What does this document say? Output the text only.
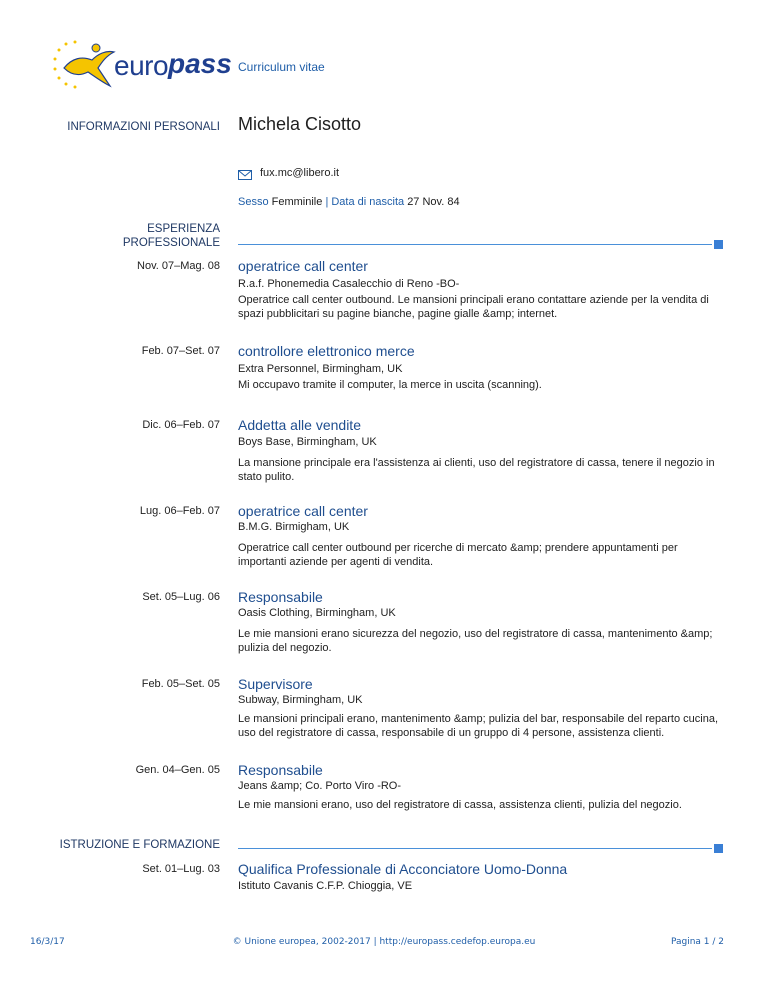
euro pass Curriculum vitae
INFORMAZIONI PERSONALI Michela Cisotto
fux.mc@libero.it
Sesso Femminile | Data di nascita 27 Nov. 84
ESPERIENZA
PROFESSIONALE
Nov. 07–Mag. 08 operatrice call center
R.a.f. Phonemedia Casalecchio di Reno -BO-
Operatrice call center outbound. Le mansioni principali erano contattare aziende per la vendita di spazi pubblicitari su pagine bianche, pagine gialle &amp; internet.
Feb. 07–Set. 07 controllore elettronico merce
Extra Personnel, Birmingham, UK
Mi occupavo tramite il computer, la merce in uscita (scanning).
Dic. 06–Feb. 07 Addetta alle vendite
Boys Base, Birmingham, UK
La mansione principale era l'assistenza ai clienti, uso del registratore di cassa, tenere il negozio in stato pulito.
Lug. 06–Feb. 07 operatrice call center
B.M.G. Birmigham, UK
Operatrice call center outbound per ricerche di mercato &amp; prendere appuntamenti per importanti aziende per agenti di vendita.
Set. 05–Lug. 06 Responsabile
Oasis Clothing, Birmingham, UK
Le mie mansioni erano sicurezza del negozio, uso del registratore di cassa, mantenimento &amp; pulizia del negozio.
Feb. 05–Set. 05 Supervisore
Subway, Birmingham, UK
Le mansioni principali erano, mantenimento &amp; pulizia del bar, responsabile del reparto cucina, uso del registratore di cassa, responsabile di un gruppo di 4 persone, assistenza clienti.
Gen. 04–Gen. 05 Responsabile
Jeans &amp; Co. Porto Viro -RO-
Le mie mansioni erano, uso del registratore di cassa, assistenza clienti, pulizia del negozio.
ISTRUZIONE E FORMAZIONE
Set. 01–Lug. 03 Qualifica Professionale di Acconciatore Uomo-Donna
Istituto Cavanis C.F.P. Chioggia, VE
16/3/17	© Unione europea, 2002-2017 | http://europass.cedefop.europa.eu	Pagina 1 / 2
